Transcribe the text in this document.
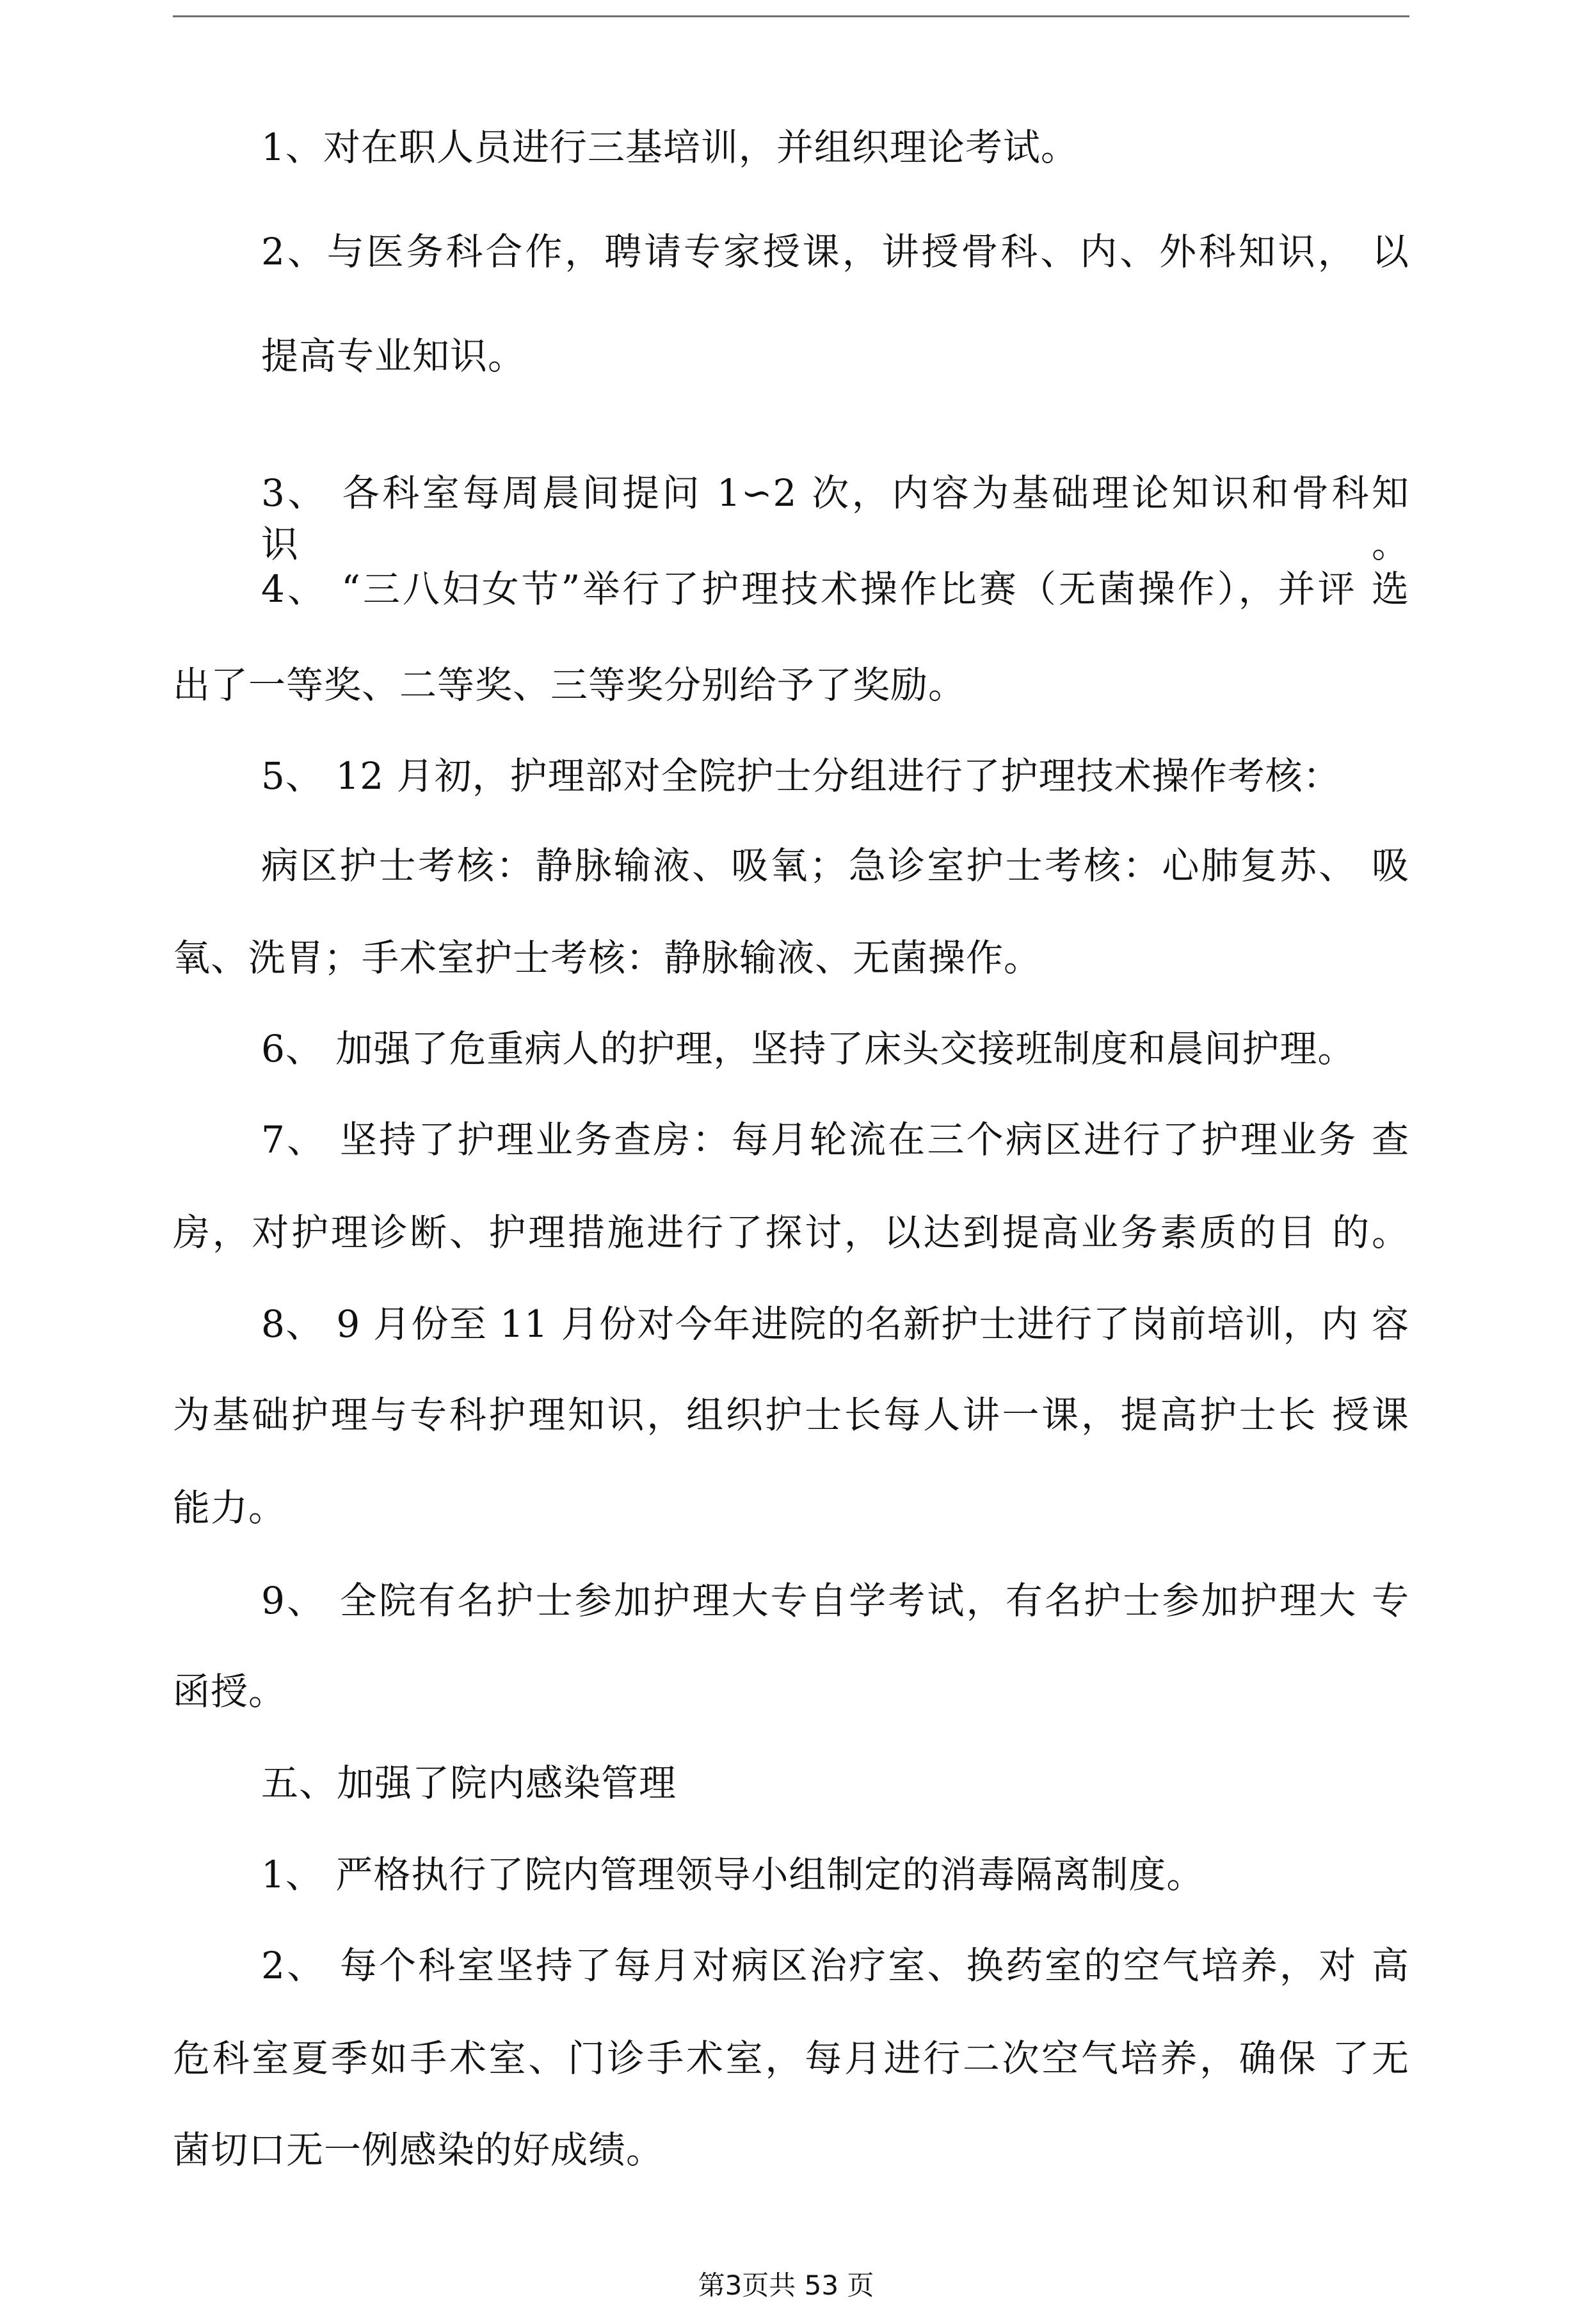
1、对在职人员进行三基培训，并组织理论考试。
2、与医务科合作，聘请专家授课，讲授骨科、内、外科知识， 以
提高专业知识。
3、 各科室每周晨间提问 1∽2 次，内容为基础理论知识和骨科知 识。
4、 “三八妇女节”举行了护理技术操作比赛（无菌操作），并评 选
出了一等奖、二等奖、三等奖分别给予了奖励。
5、 12 月初，护理部对全院护士分组进行了护理技术操作考核：
病区护士考核：静脉输液、吸氧；急诊室护士考核：心肺复苏、 吸
氧、洗胃；手术室护士考核：静脉输液、无菌操作。
6、 加强了危重病人的护理，坚持了床头交接班制度和晨间护理。
7、 坚持了护理业务查房：每月轮流在三个病区进行了护理业务 查
房，对护理诊断、护理措施进行了探讨，以达到提高业务素质的目 的。
8、 9 月份至 11 月份对今年进院的名新护士进行了岗前培训，内 容
为基础护理与专科护理知识，组织护士长每人讲一课，提高护士长 授课
能力。
9、 全院有名护士参加护理大专自学考试，有名护士参加护理大 专
函授。
五、加强了院内感染管理
1、 严格执行了院内管理领导小组制定的消毒隔离制度。
2、 每个科室坚持了每月对病区治疗室、换药室的空气培养，对 高
危科室夏季如手术室、门诊手术室，每月进行二次空气培养，确保 了无
菌切口无一例感染的好成绩。
第3页共 53 页
